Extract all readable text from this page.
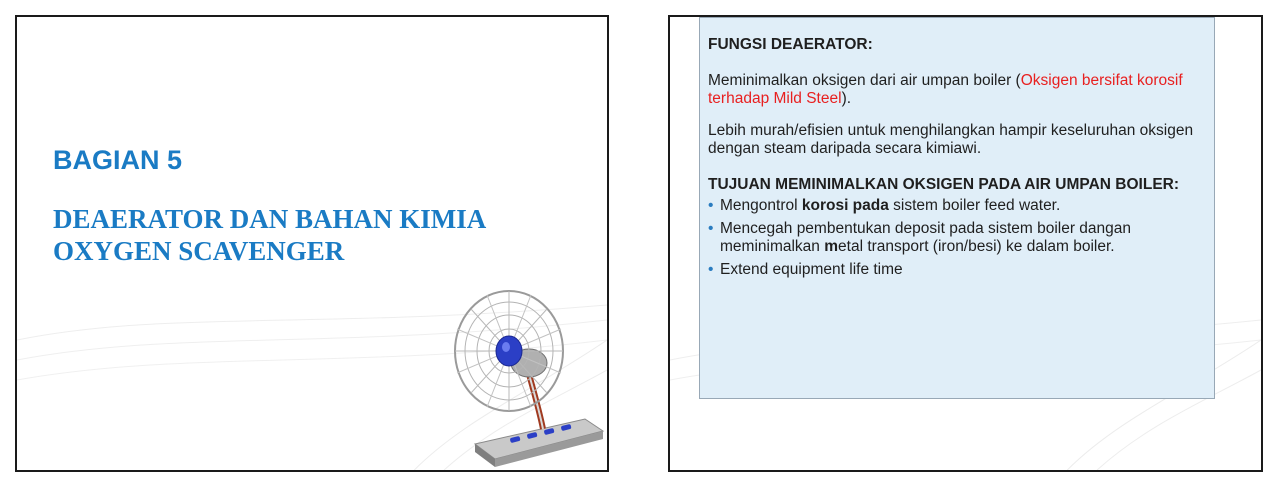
BAGIAN 5
DEAERATOR DAN BAHAN KIMIA
OXYGEN SCAVENGER

FUNGSI DEAERATOR:

Meminimalkan oksigen dari air umpan boiler (Oksigen bersifat korosif terhadap Mild Steel).

Lebih murah/efisien untuk menghilangkan hampir keseluruhan oksigen dengan steam daripada secara kimiawi.

TUJUAN MEMINIMALKAN OKSIGEN PADA AIR UMPAN BOILER:

• Mengontrol korosi pada sistem boiler feed water.
• Mencegah pembentukan deposit pada sistem boiler dangan meminimalkan metal transport (iron/besi) ke dalam boiler.
• Extend equipment life time
